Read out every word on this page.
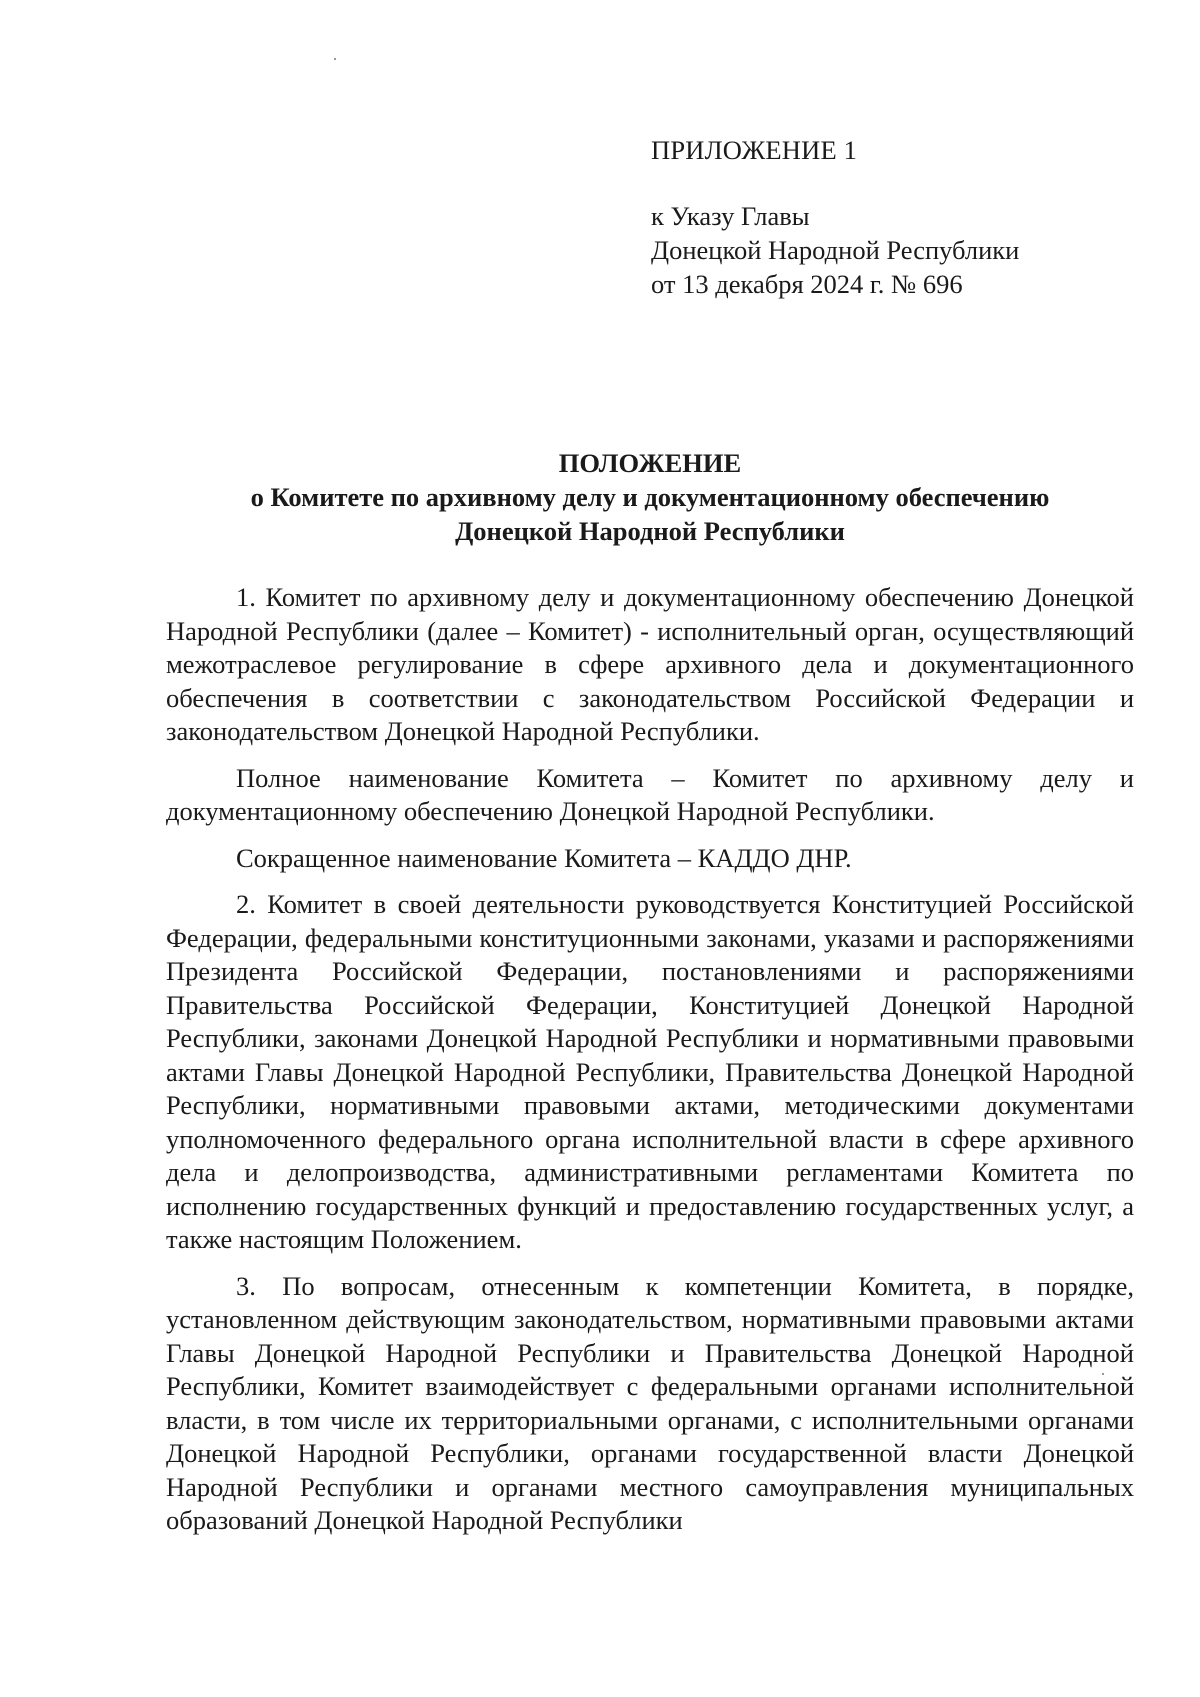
ПРИЛОЖЕНИЕ 1
к Указу Главы
Донецкой Народной Республики
от 13 декабря 2024 г. № 696
ПОЛОЖЕНИЕ
о Комитете по архивному делу и документационному обеспечению
Донецкой Народной Республики

1. Комитет по архивному делу и документационному обеспечению Донецкой Народной Республики (далее – Комитет) - исполнительный орган, осуществляющий межотраслевое регулирование в сфере архивного дела и документационного обеспечения в соответствии с законодательством Российской Федерации и законодательством Донецкой Народной Республики.

Полное наименование Комитета – Комитет по архивному делу и документационному обеспечению Донецкой Народной Республики.

Сокращенное наименование Комитета – КАДДО ДНР.

2. Комитет в своей деятельности руководствуется Конституцией Российской Федерации, федеральными конституционными законами, указами и распоряжениями Президента Российской Федерации, постановлениями и распоряжениями Правительства Российской Федерации, Конституцией Донецкой Народной Республики, законами Донецкой Народной Республики и нормативными правовыми актами Главы Донецкой Народной Республики, Правительства Донецкой Народной Республики, нормативными правовыми актами, методическими документами уполномоченного федерального органа исполнительной власти в сфере архивного дела и делопроизводства, административными регламентами Комитета по исполнению государственных функций и предоставлению государственных услуг, а также настоящим Положением.

3. По вопросам, отнесенным к компетенции Комитета, в порядке, установленном действующим законодательством, нормативными правовыми актами Главы Донецкой Народной Республики и Правительства Донецкой Народной Республики, Комитет взаимодействует с федеральными органами исполнительной власти, в том числе их территориальными органами, с исполнительными органами Донецкой Народной Республики, органами государственной власти Донецкой Народной Республики и органами местного самоуправления муниципальных образований Донецкой Народной Республики
